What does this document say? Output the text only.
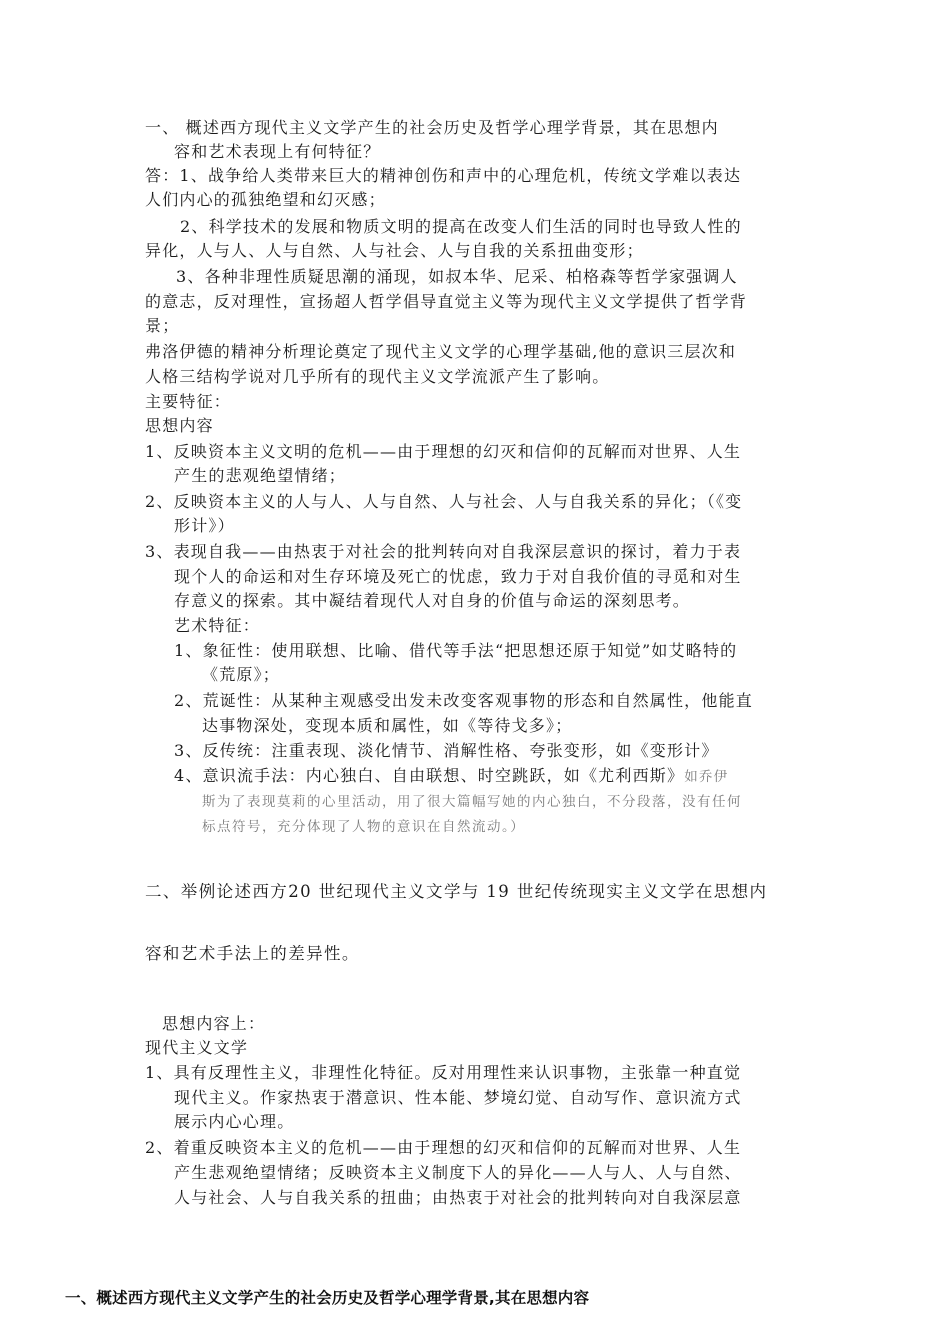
一、 概述西方现代主义文学产生的社会历史及哲学心理学背景，其在思想内
容和艺术表现上有何特征？
答：1、战争给人类带来巨大的精神创伤和声中的心理危机，传统文学难以表达
人们内心的孤独绝望和幻灭感；
2、科学技术的发展和物质文明的提高在改变人们生活的同时也导致人性的
异化，人与人、人与自然、人与社会、人与自我的关系扭曲变形；
3、各种非理性质疑思潮的涌现，如叔本华、尼采、柏格森等哲学家强调人
的意志，反对理性，宣扬超人哲学倡导直觉主义等为现代主义文学提供了哲学背
景；
弗洛伊德的精神分析理论奠定了现代主义文学的心理学基础,他的意识三层次和
人格三结构学说对几乎所有的现代主义文学流派产生了影响。
主要特征：
思想内容
1、反映资本主义文明的危机——由于理想的幻灭和信仰的瓦解而对世界、人生
产生的悲观绝望情绪；
2、反映资本主义的人与人、人与自然、人与社会、人与自我关系的异化；（《变
形计》）
3、表现自我——由热衷于对社会的批判转向对自我深层意识的探讨，着力于表
现个人的命运和对生存环境及死亡的忧虑，致力于对自我价值的寻觅和对生
存意义的探索。其中凝结着现代人对自身的价值与命运的深刻思考。
艺术特征：
1、象征性：使用联想、比喻、借代等手法“把思想还原于知觉”如艾略特的
《荒原》；
2、荒诞性：从某种主观感受出发未改变客观事物的形态和自然属性，他能直
达事物深处，变现本质和属性，如《等待戈多》；
3、反传统：注重表现、淡化情节、消解性格、夸张变形，如《变形计》
4、意识流手法：内心独白、自由联想、时空跳跃，如《尤利西斯》如乔伊
斯为了表现莫莉的心里活动，用了很大篇幅写她的内心独白，不分段落，没有任何
标点符号，充分体现了人物的意识在自然流动。）
二、举例论述西方20 世纪现代主义文学与 19 世纪传统现实主义文学在思想内
容和艺术手法上的差异性。
思想内容上：
现代主义文学
1、具有反理性主义，非理性化特征。反对用理性来认识事物，主张靠一种直觉
现代主义。作家热衷于潜意识、性本能、梦境幻觉、自动写作、意识流方式
展示内心心理。
2、着重反映资本主义的危机——由于理想的幻灭和信仰的瓦解而对世界、人生
产生悲观绝望情绪；反映资本主义制度下人的异化——人与人、人与自然、
人与社会、人与自我关系的扭曲；由热衷于对社会的批判转向对自我深层意
一、概述西方现代主义文学产生的社会历史及哲学心理学背景,其在思想内容
